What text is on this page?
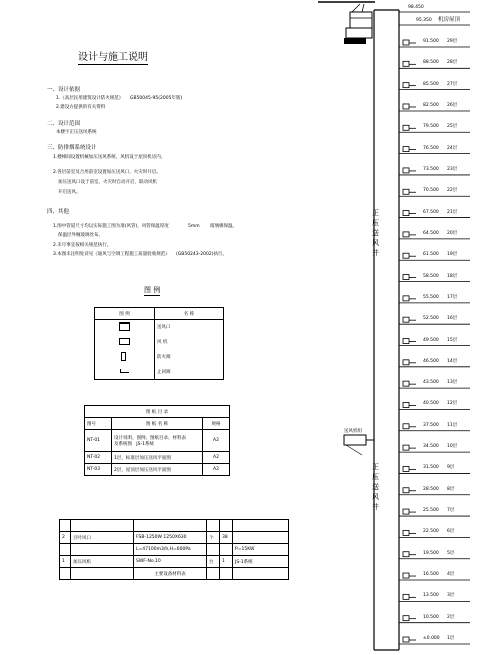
设计与施工说明
一、设计依据
1.《高层民用建筑设计防火规范》 GB50045-95(2005年版)
2.建设方提供的有关资料
二、设计范围
本楼宇正压送风系统
三、防排烟系统设计
1.楼梯间设置机械加压送风系统，风机设于屋顶机房内。
2.各层前室及合用前室设置加压送风口，火灾时开启。
加压送风口设于前室，火灾时自动开启，联动风机
开启送风。
四、其他
1.图中管道尺寸均以实际施工图为准(风管)，风管保温厚度	5mm 玻璃棉保温。
保温层外缠玻璃丝布。
2.未尽事宜按相关规范执行。
3.本图未注明处详见《通风与空调工程施工质量验收规范》 (GB50243-2002)执行。
图 例
图 例	名 称
	送风口
	风 机
	防火阀
	止回阀
图 纸 目 录		
图号	图 纸 名 称	规格
NT-01	设计说明、图例、图纸目录、材料表
及系统图 JS-1系统	A2
NT-02	1层、标准层加压送风平面图	A2
NT-03	2层、屋顶层加压送风平面图	A2

2	百叶风口	FSB-1250W 1250X630	个	38	
		L=47100m3/h,H=600Pa			P=15KW
1	加压风机	SWF-No.10	台	1	JS-1系统
		主要设备材料表			
98.450
95.350 机房屋顶
送风机组
正压送风井
正压送风井
91.500 29层
88.500 28层
85.500 27层
82.500 26层
79.500 25层
76.500 24层
73.500 23层
70.500 22层
67.500 21层
64.500 20层
61.500 19层
58.500 18层
55.500 17层
52.500 16层
49.500 15层
46.500 14层
43.500 13层
40.500 12层
37.500 11层
34.500 10层
31.500 9层
28.500 8层
25.500 7层
22.500 6层
19.500 5层
16.500 4层
13.500 3层
10.500 2层
±0.000 1层
